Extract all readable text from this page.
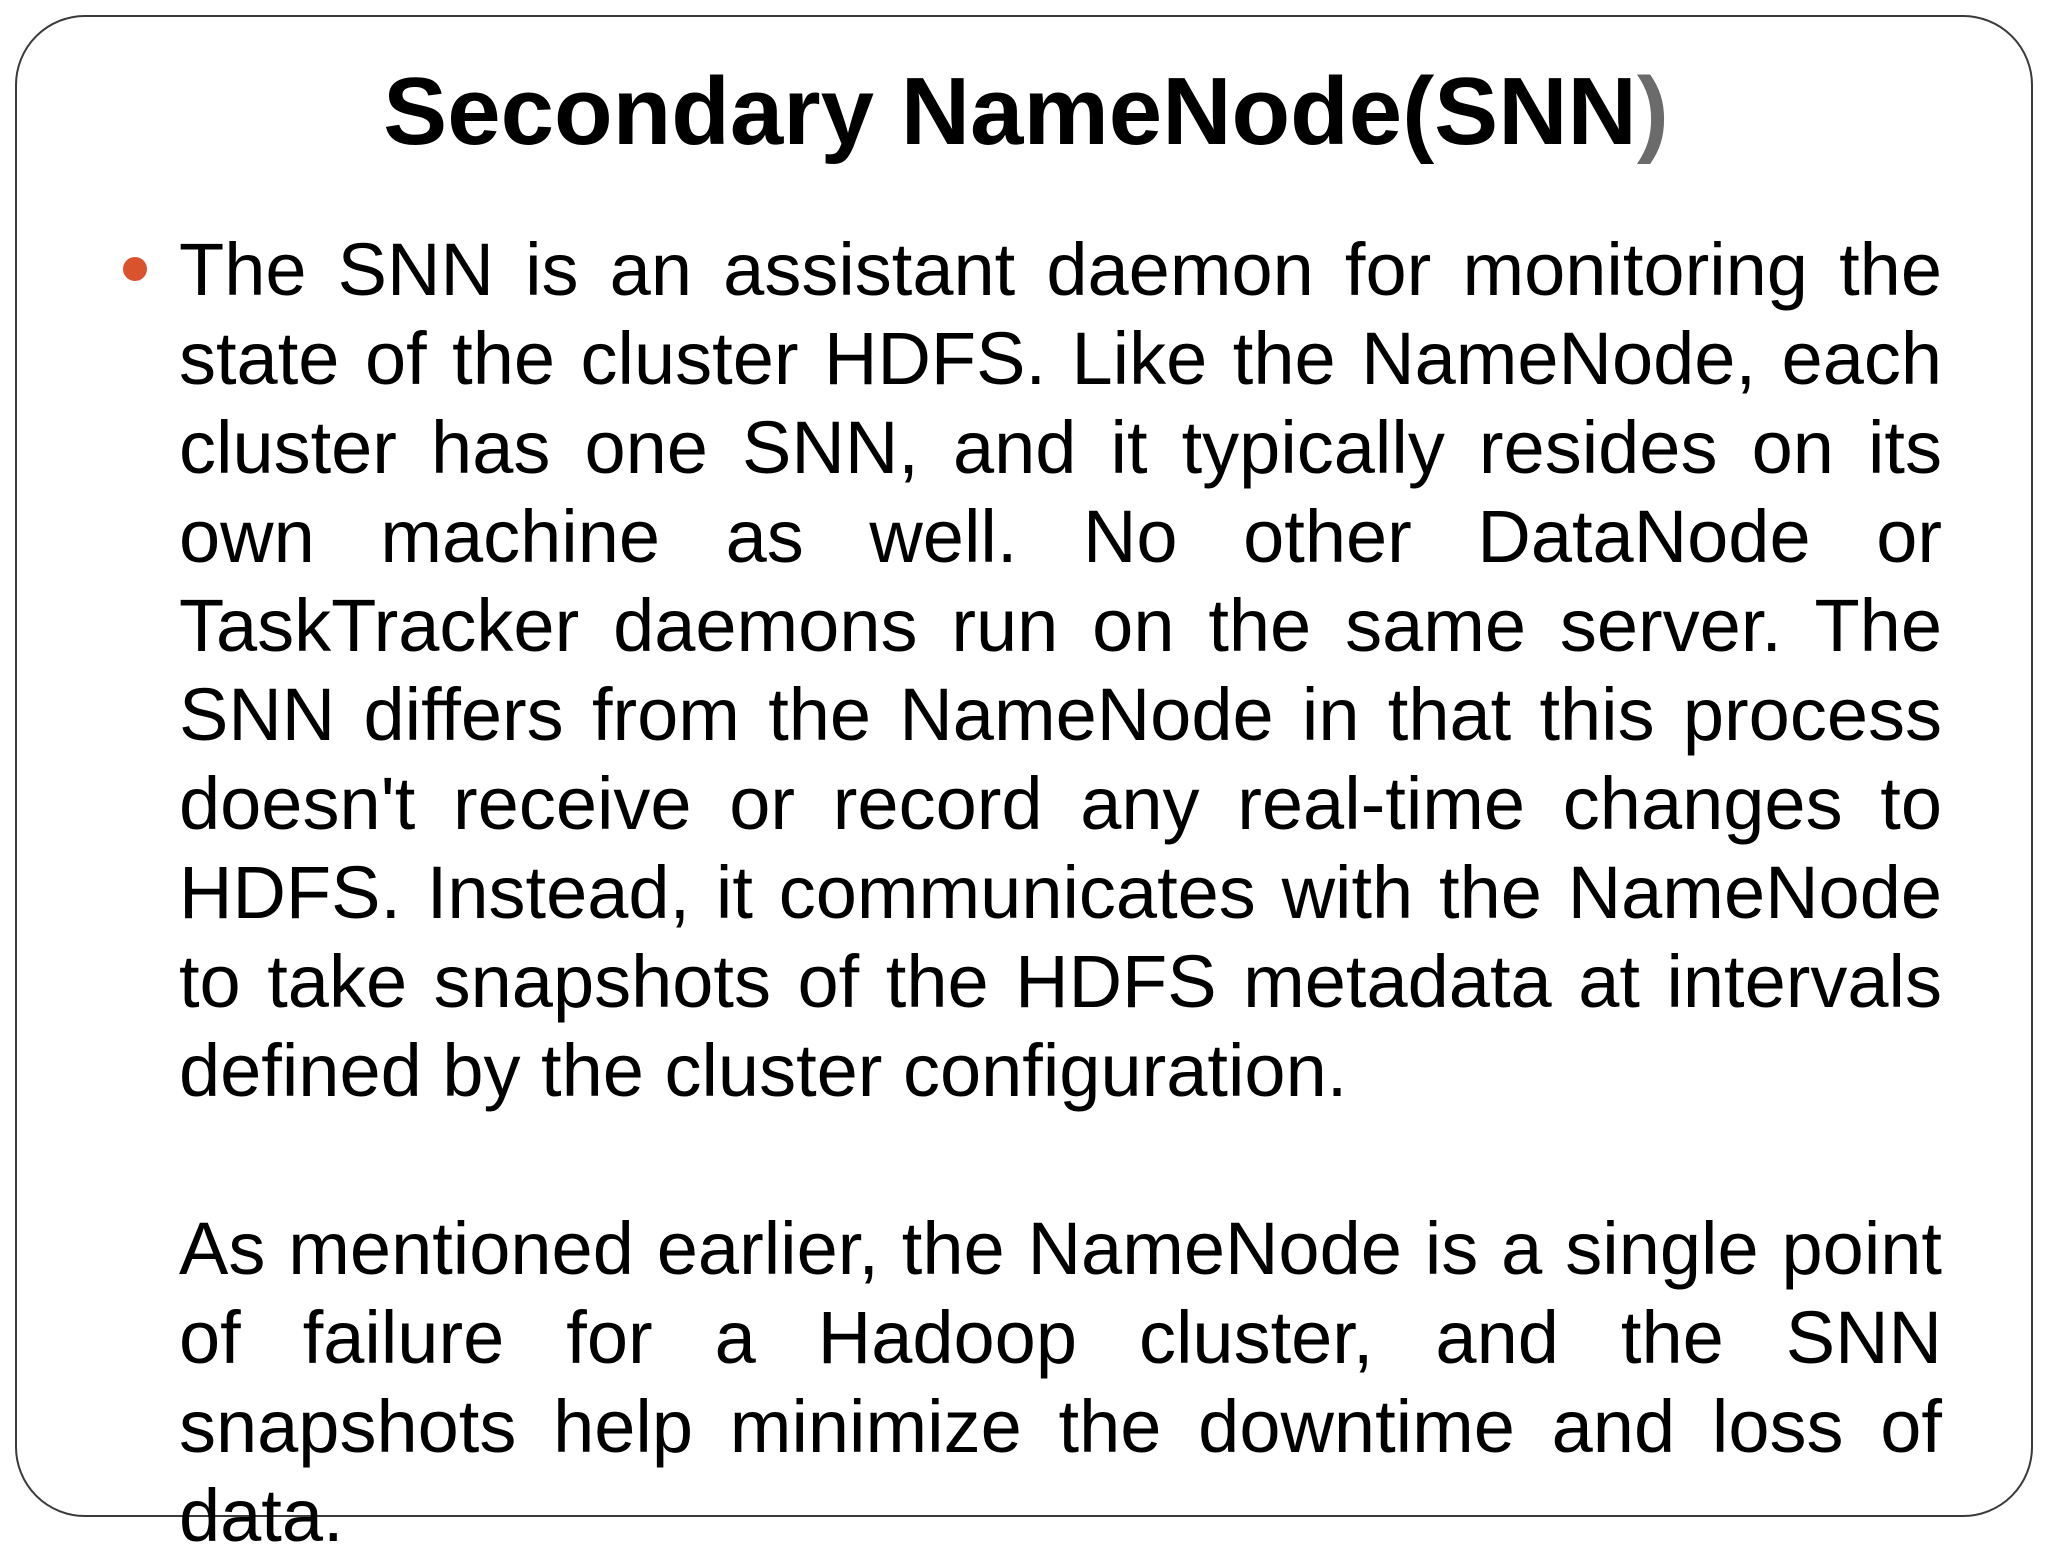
Secondary NameNode(SNN)

The SNN is an assistant daemon for monitoring the state of the cluster HDFS. Like the NameNode, each cluster has one SNN, and it typically resides on its own machine as well. No other DataNode or TaskTracker daemons run on the same server. The SNN differs from the NameNode in that this process doesn't receive or record any real-time changes to HDFS. Instead, it communicates with the NameNode to take snapshots of the HDFS metadata at intervals defined by the cluster configuration.

As mentioned earlier, the NameNode is a single point of failure for a Hadoop cluster, and the SNN snapshots help minimize the downtime and loss of data.
